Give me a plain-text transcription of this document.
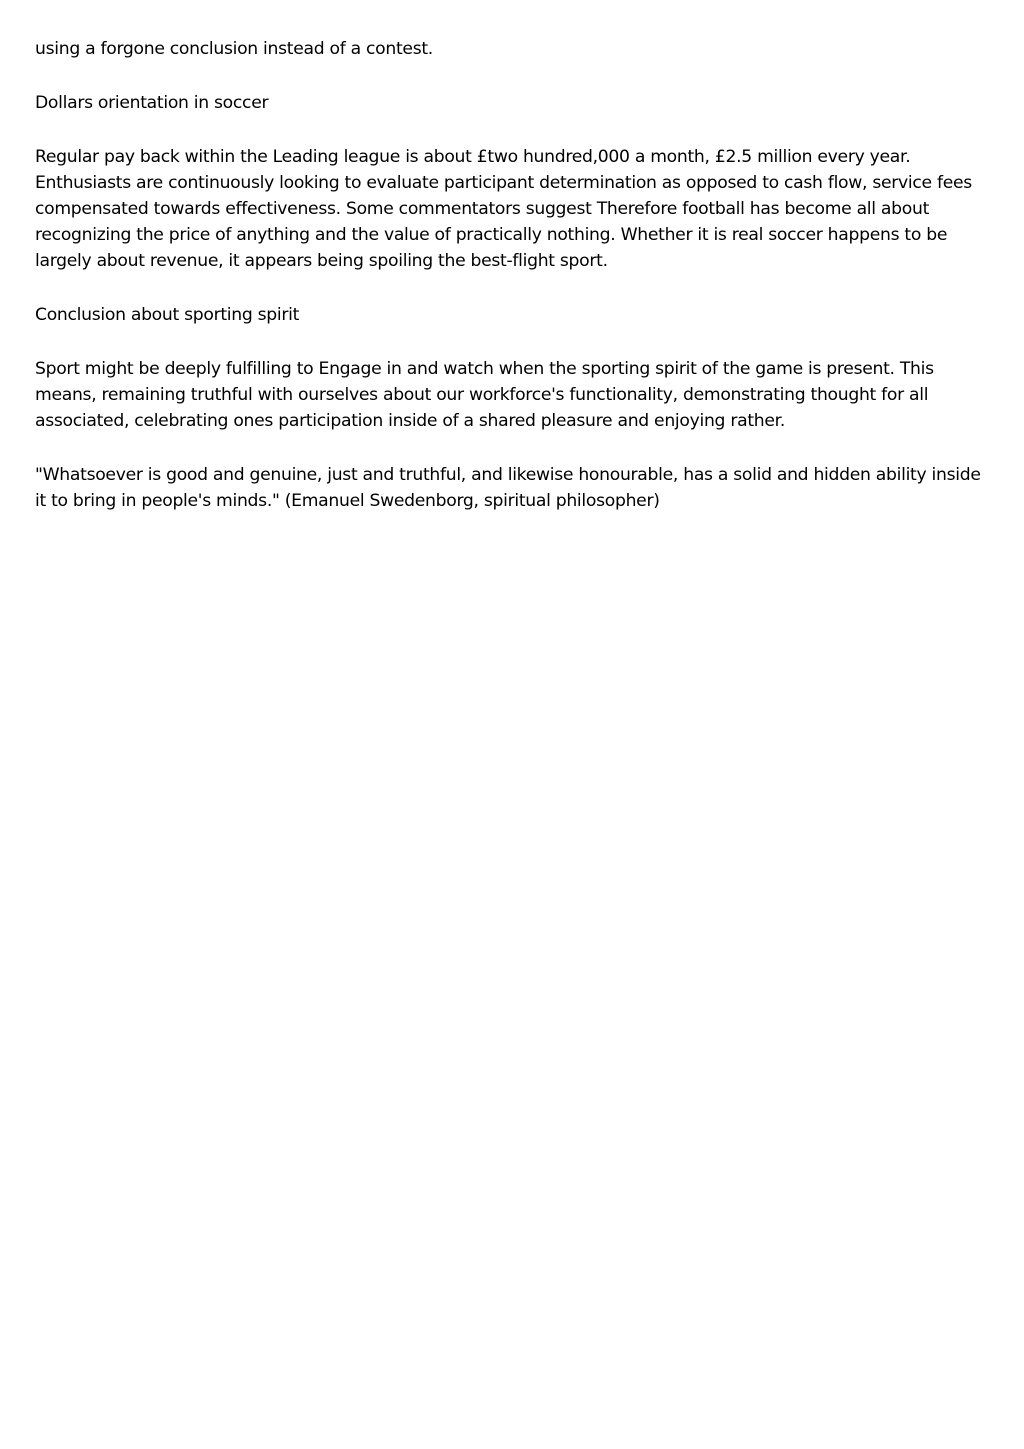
using a forgone conclusion instead of a contest.

Dollars orientation in soccer

Regular pay back within the Leading league is about £two hundred,000 a month, £2.5 million every year. Enthusiasts are continuously looking to evaluate participant determination as opposed to cash flow, service fees compensated towards effectiveness. Some commentators suggest Therefore football has become all about recognizing the price of anything and the value of practically nothing. Whether it is real soccer happens to be largely about revenue, it appears being spoiling the best-flight sport.

Conclusion about sporting spirit

Sport might be deeply fulfilling to Engage in and watch when the sporting spirit of the game is present. This means, remaining truthful with ourselves about our workforce's functionality, demonstrating thought for all associated, celebrating ones participation inside of a shared pleasure and enjoying rather.

"Whatsoever is good and genuine, just and truthful, and likewise honourable, has a solid and hidden ability inside it to bring in people's minds." (Emanuel Swedenborg, spiritual philosopher)
